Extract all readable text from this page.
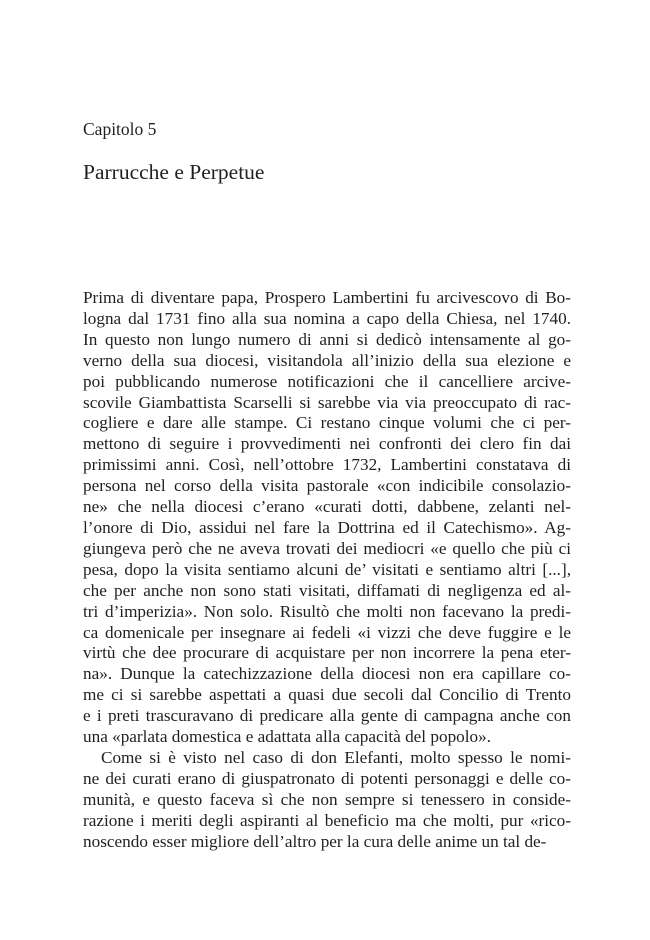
Capitolo 5
Parrucche e Perpetue
Prima di diventare papa, Prospero Lambertini fu arcivescovo di Bo-
logna dal 1731 fino alla sua nomina a capo della Chiesa, nel 1740.
In questo non lungo numero di anni si dedicò intensamente al go-
verno della sua diocesi, visitandola all’inizio della sua elezione e
poi pubblicando numerose notificazioni che il cancelliere arcive-
scovile Giambattista Scarselli si sarebbe via via preoccupato di rac-
cogliere e dare alle stampe. Ci restano cinque volumi che ci per-
mettono di seguire i provvedimenti nei confronti dei clero fin dai
primissimi anni. Così, nell’ottobre 1732, Lambertini constatava di
persona nel corso della visita pastorale «con indicibile consolazio-
ne» che nella diocesi c’erano «curati dotti, dabbene, zelanti nel-
l’onore di Dio, assidui nel fare la Dottrina ed il Catechismo». Ag-
giungeva però che ne aveva trovati dei mediocri «e quello che più ci
pesa, dopo la visita sentiamo alcuni de’ visitati e sentiamo altri [...],
che per anche non sono stati visitati, diffamati di negligenza ed al-
tri d’imperizia». Non solo. Risultò che molti non facevano la predi-
ca domenicale per insegnare ai fedeli «i vizzi che deve fuggire e le
virtù che dee procurare di acquistare per non incorrere la pena eter-
na». Dunque la catechizzazione della diocesi non era capillare co-
me ci si sarebbe aspettati a quasi due secoli dal Concilio di Trento
e i preti trascuravano di predicare alla gente di campagna anche con
una «parlata domestica e adattata alla capacità del popolo».
Come si è visto nel caso di don Elefanti, molto spesso le nomi-
ne dei curati erano di giuspatronato di potenti personaggi e delle co-
munità, e questo faceva sì che non sempre si tenessero in conside-
razione i meriti degli aspiranti al beneficio ma che molti, pur «rico-
noscendo esser migliore dell’altro per la cura delle anime un tal de-
